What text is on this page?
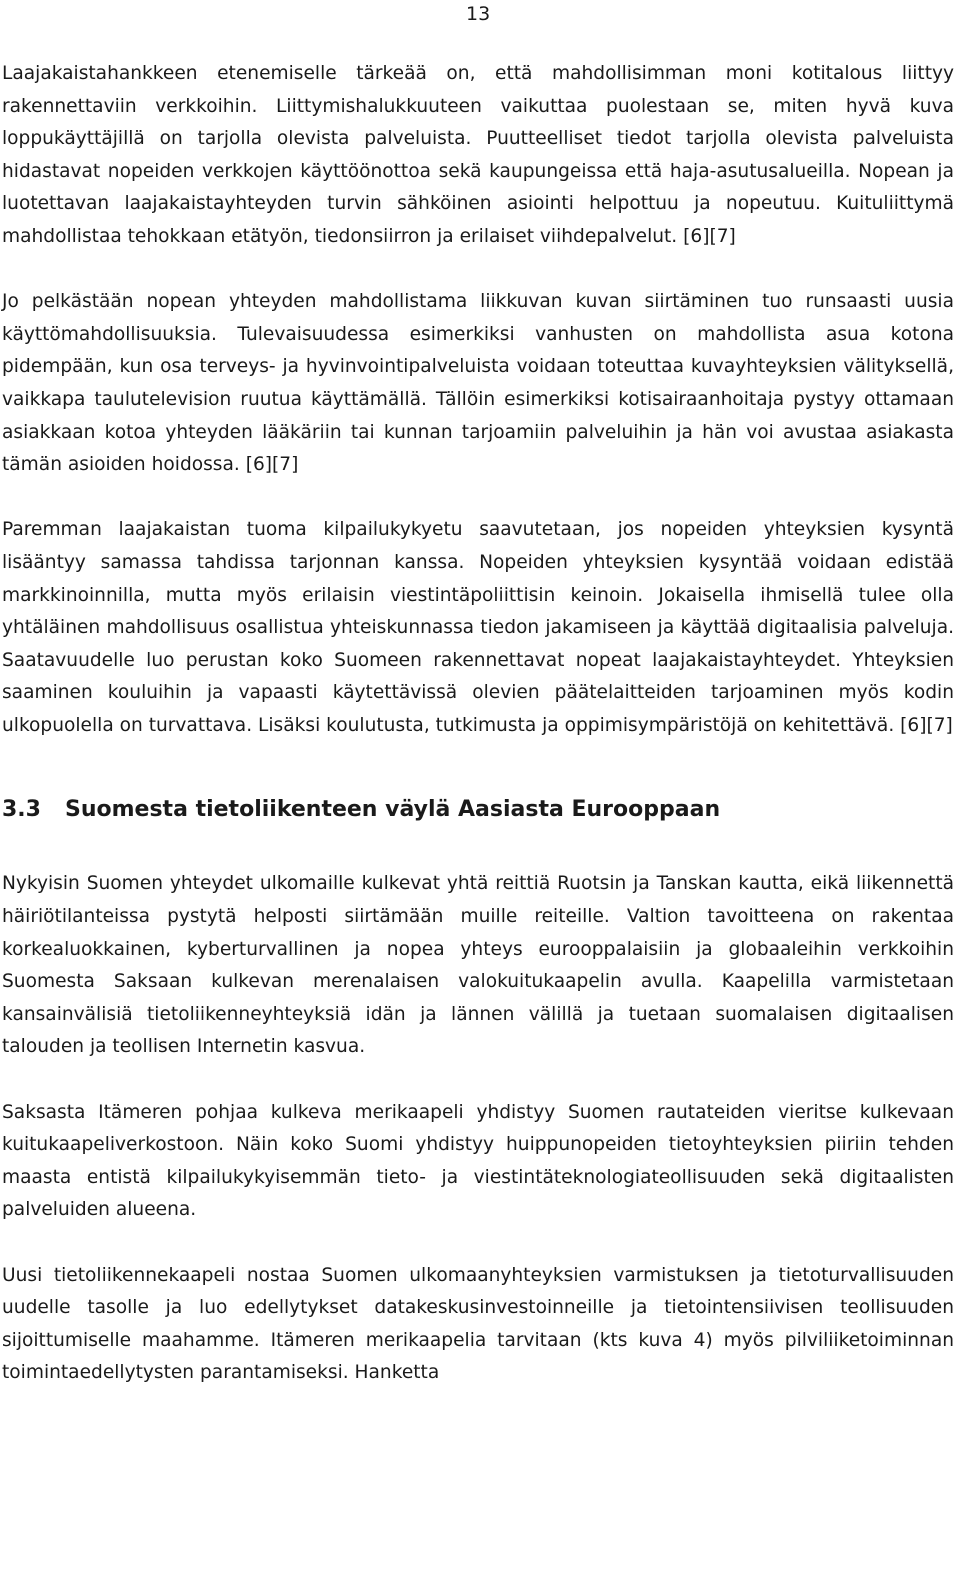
13

Laajakaistahankkeen etenemiselle tärkeää on, että mahdollisimman moni kotitalous liittyy rakennettaviin verkkoihin. Liittymishalukkuuteen vaikuttaa puolestaan se, miten hyvä kuva loppukäyttäjillä on tarjolla olevista palveluista. Puutteelliset tiedot tarjolla olevista palveluista hidastavat nopeiden verkkojen käyttöönottoa sekä kaupungeissa että haja-asutusalueilla. Nopean ja luotettavan laajakaistayhteyden turvin sähköinen asiointi helpottuu ja nopeutuu. Kuituliittymä mahdollistaa tehokkaan etätyön, tiedonsiirron ja erilaiset viihdepalvelut. [6][7]

Jo pelkästään nopean yhteyden mahdollistama liikkuvan kuvan siirtäminen tuo runsaasti uusia käyttömahdollisuuksia. Tulevaisuudessa esimerkiksi vanhusten on mahdollista asua kotona pidempään, kun osa terveys- ja hyvinvointipalveluista voidaan toteuttaa kuvayhteyksien välityksellä, vaikkapa taulutelevision ruutua käyttämällä. Tällöin esimerkiksi kotisairaanhoitaja pystyy ottamaan asiakkaan kotoa yhteyden lääkäriin tai kunnan tarjoamiin palveluihin ja hän voi avustaa asiakasta tämän asioiden hoidossa. [6][7]

Paremman laajakaistan tuoma kilpailukykyetu saavutetaan, jos nopeiden yhteyksien kysyntä lisääntyy samassa tahdissa tarjonnan kanssa. Nopeiden yhteyksien kysyntää voidaan edistää markkinoinnilla, mutta myös erilaisin viestintäpoliittisin keinoin. Jokaisella ihmisellä tulee olla yhtäläinen mahdollisuus osallistua yhteiskunnassa tiedon jakamiseen ja käyttää digitaalisia palveluja. Saatavuudelle luo perustan koko Suomeen rakennettavat nopeat laajakaistayhteydet. Yhteyksien saaminen kouluihin ja vapaasti käytettävissä olevien päätelaitteiden tarjoaminen myös kodin ulkopuolella on turvattava. Lisäksi koulutusta, tutkimusta ja oppimisympäristöjä on kehitettävä. [6][7]

3.3 Suomesta tietoliikenteen väylä Aasiasta Eurooppaan

Nykyisin Suomen yhteydet ulkomaille kulkevat yhtä reittiä Ruotsin ja Tanskan kautta, eikä liikennettä häiriötilanteissa pystytä helposti siirtämään muille reiteille. Valtion tavoitteena on rakentaa korkealuokkainen, kyberturvallinen ja nopea yhteys eurooppalaisiin ja globaaleihin verkkoihin Suomesta Saksaan kulkevan merenalaisen valokuitukaapelin avulla. Kaapelilla varmistetaan kansainvälisiä tietoliikenneyhteyksiä idän ja lännen välillä ja tuetaan suomalaisen digitaalisen talouden ja teollisen Internetin kasvua.

Saksasta Itämeren pohjaa kulkeva merikaapeli yhdistyy Suomen rautateiden vieritse kulkevaan kuitukaapeliverkostoon. Näin koko Suomi yhdistyy huippunopeiden tietoyhteyksien piiriin tehden maasta entistä kilpailukykyisemmän tieto- ja viestintäteknologiateollisuuden sekä digitaalisten palveluiden alueena.

Uusi tietoliikennekaapeli nostaa Suomen ulkomaanyhteyksien varmistuksen ja tietoturvallisuuden uudelle tasolle ja luo edellytykset datakeskusinvestoinneille ja tietointensiivisen teollisuuden sijoittumiselle maahamme. Itämeren merikaapelia tarvitaan (kts kuva 4) myös pilviliiketoiminnan toimintaedellytysten parantamiseksi. Hanketta
